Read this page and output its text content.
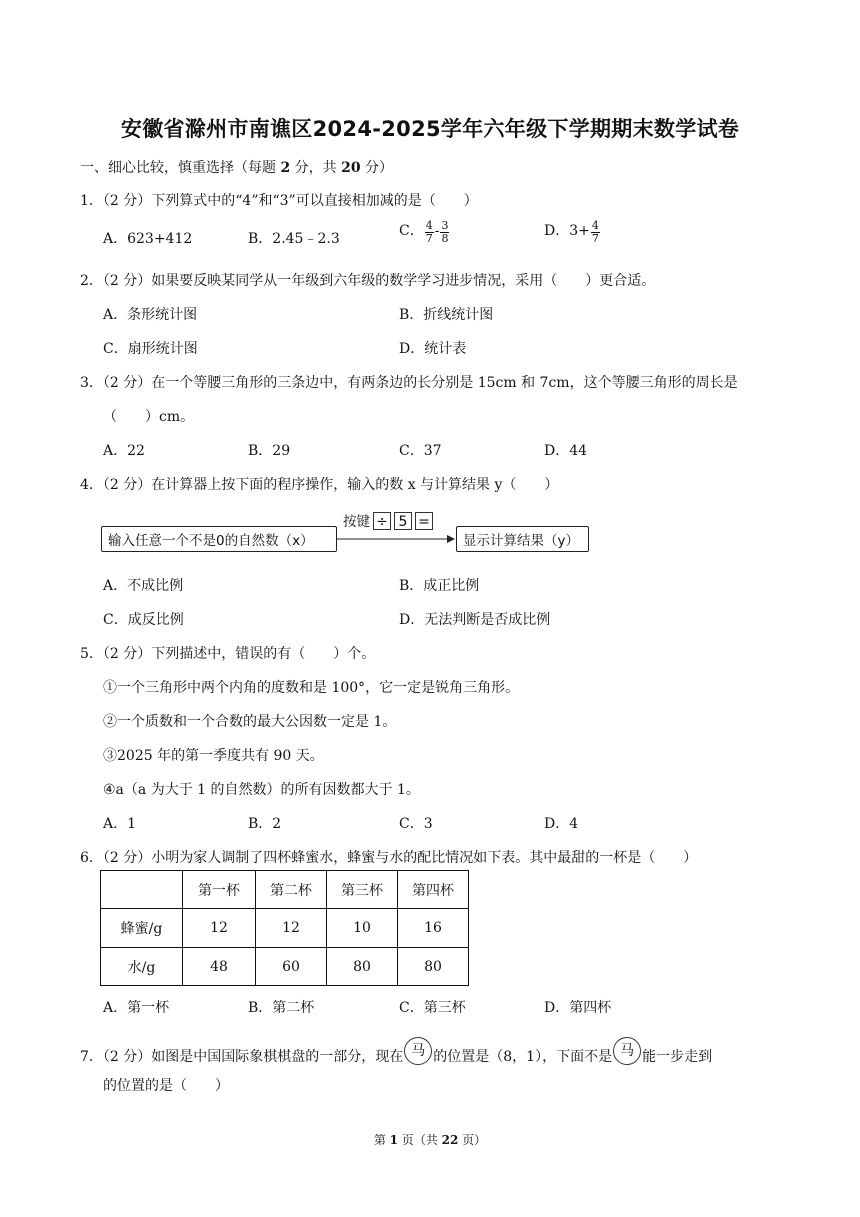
安徽省滁州市南谯区2024-2025学年六年级下学期期末数学试卷
一、细心比较，慎重选择（每题 2 分，共 20 分）
1．（2 分）下列算式中的“4”和“3”可以直接相加减的是（　　）
A．623+412	B．2.45﹣2.3
C． $\frac{4}{7} - \frac{3}{8}$	D．$3+ \frac{4}{7}$
2．（2 分）如果要反映某同学从一年级到六年级的数学学习进步情况，采用（　　）更合适。
A．条形统计图	B．折线统计图
C．扇形统计图	D．统计表
3．（2 分）在一个等腰三角形的三条边中，有两条边的长分别是 15cm 和 7cm，这个等腰三角形的周长是
（　　）cm。
A．22	B．29	C．37	D．44
4．（2 分）在计算器上按下面的程序操作，输入的数 x 与计算结果 y（　　）
输入任意一个不是0的自然数（x）
按键 ÷ 5 =
显示计算结果（y）
A．不成比例	B．成正比例
C．成反比例	D．无法判断是否成比例
5．（2 分）下列描述中，错误的有（　　）个。
①一个三角形中两个内角的度数和是 100°，它一定是锐角三角形。
②一个质数和一个合数的最大公因数一定是 1。
③2025 年的第一季度共有 90 天。
④a（a 为大于 1 的自然数）的所有因数都大于 1。
A．1	B．2	C．3	D．4
6．（2 分）小明为家人调制了四杯蜂蜜水，蜂蜜与水的配比情况如下表。其中最甜的一杯是（　　）
	第一杯	第二杯	第三杯	第四杯
蜂蜜/g	12	12	10	16
水/g	48	60	80	80
A．第一杯	B．第二杯	C．第三杯	D．第四杯
7．（2 分）如图是中国国际象棋棋盘的一部分，现在 马 的位置是（8，1），下面不是 马 能一步走到
的位置的是（　　）
第 1 页（共 22 页）
